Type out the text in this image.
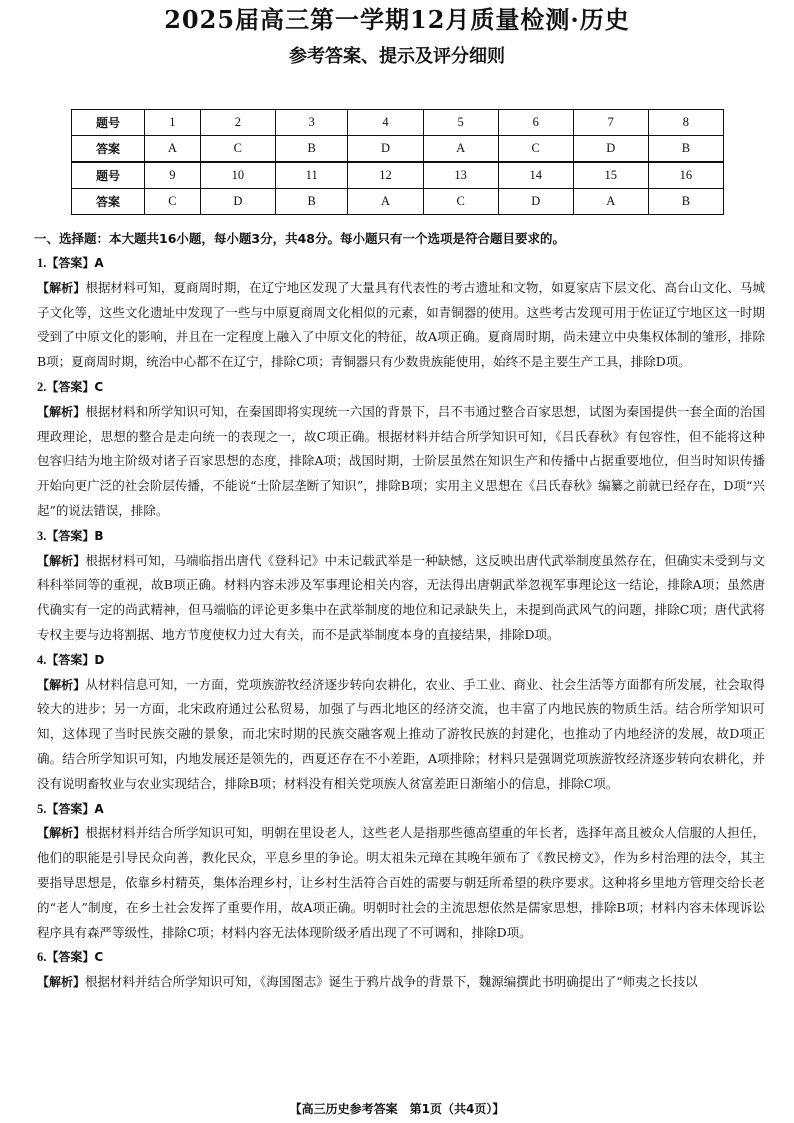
2025届高三第一学期12月质量检测·历史
参考答案、提示及评分细则
题号	1	2	3	4	5	6	7	8
答案	A	C	B	D	A	C	D	B
题号	9	10	11	12	13	14	15	16
答案	C	D	B	A	C	D	A	B
一、选择题：本大题共16小题，每小题3分，共48分。每小题只有一个选项是符合题目要求的。
1.【答案】A
【解析】根据材料可知，夏商周时期，在辽宁地区发现了大量具有代表性的考古遗址和文物，如夏家店下层文化、高台山文化、马城子文化等，这些文化遗址中发现了一些与中原夏商周文化相似的元素，如青铜器的使用。这些考古发现可用于佐证辽宁地区这一时期受到了中原文化的影响，并且在一定程度上融入了中原文化的特征，故A项正确。夏商周时期，尚未建立中央集权体制的雏形，排除B项；夏商周时期，统治中心都不在辽宁，排除C项；青铜器只有少数贵族能使用，始终不是主要生产工具，排除D项。
2.【答案】C
【解析】根据材料和所学知识可知，在秦国即将实现统一六国的背景下，吕不韦通过整合百家思想，试图为秦国提供一套全面的治国理政理论，思想的整合是走向统一的表现之一，故C项正确。根据材料并结合所学知识可知，《吕氏春秋》有包容性，但不能将这种包容归结为地主阶级对诸子百家思想的态度，排除A项；战国时期，士阶层虽然在知识生产和传播中占据重要地位，但当时知识传播开始向更广泛的社会阶层传播，不能说“士阶层垄断了知识”，排除B项；实用主义思想在《吕氏春秋》编纂之前就已经存在，D项“兴起”的说法错误，排除。
3.【答案】B
【解析】根据材料可知，马端临指出唐代《登科记》中未记载武举是一种缺憾，这反映出唐代武举制度虽然存在，但确实未受到与文科科举同等的重视，故B项正确。材料内容未涉及军事理论相关内容，无法得出唐朝武举忽视军事理论这一结论，排除A项；虽然唐代确实有一定的尚武精神，但马端临的评论更多集中在武举制度的地位和记录缺失上，未提到尚武风气的问题，排除C项；唐代武将专权主要与边将割据、地方节度使权力过大有关，而不是武举制度本身的直接结果，排除D项。
4.【答案】D
【解析】从材料信息可知，一方面，党项族游牧经济逐步转向农耕化，农业、手工业、商业、社会生活等方面都有所发展，社会取得较大的进步；另一方面，北宋政府通过公私贸易，加强了与西北地区的经济交流，也丰富了内地民族的物质生活。结合所学知识可知，这体现了当时民族交融的景象，而北宋时期的民族交融客观上推动了游牧民族的封建化，也推动了内地经济的发展，故D项正确。结合所学知识可知，内地发展还是领先的，西夏还存在不小差距，A项排除；材料只是强调党项族游牧经济逐步转向农耕化，并没有说明畜牧业与农业实现结合，排除B项；材料没有相关党项族人贫富差距日渐缩小的信息，排除C项。
5.【答案】A
【解析】根据材料并结合所学知识可知，明朝在里设老人，这些老人是指那些德高望重的年长者，选择年高且被众人信服的人担任，他们的职能是引导民众向善，教化民众，平息乡里的争论。明太祖朱元璋在其晚年颁布了《教民榜文》，作为乡村治理的法令，其主要指导思想是，依靠乡村精英，集体治理乡村，让乡村生活符合百姓的需要与朝廷所希望的秩序要求。这种将乡里地方管理交给长老的“老人”制度，在乡土社会发挥了重要作用，故A项正确。明朝时社会的主流思想依然是儒家思想，排除B项；材料内容未体现诉讼程序具有森严等级性，排除C项；材料内容无法体现阶级矛盾出现了不可调和，排除D项。
6.【答案】C
【解析】根据材料并结合所学知识可知，《海国图志》诞生于鸦片战争的背景下，魏源编撰此书明确提出了“师夷之长技以
【高三历史参考答案　第1页（共4页）】
